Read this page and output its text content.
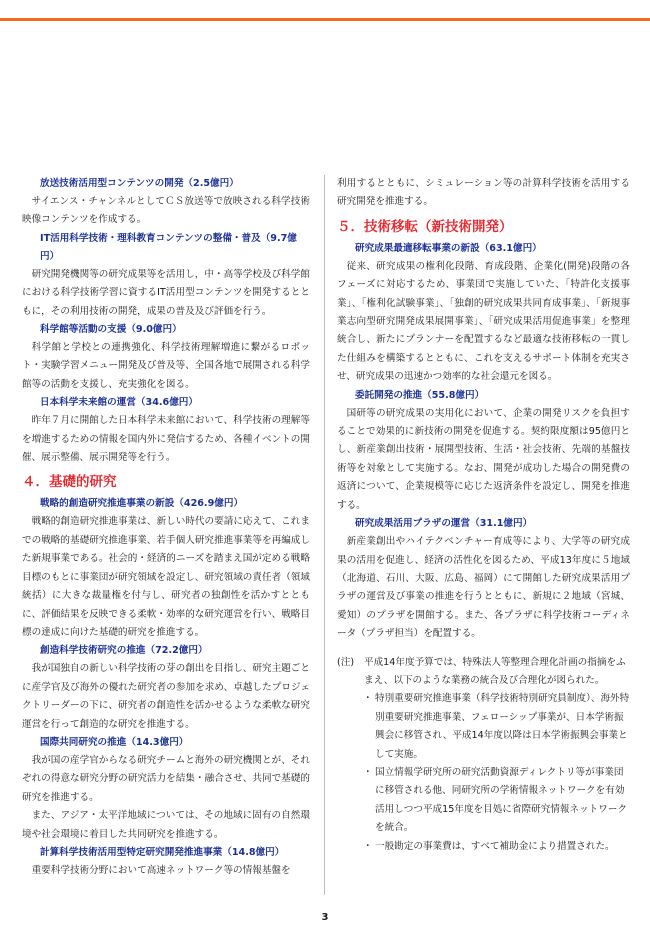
放送技術活用型コンテンツの開発（2.5億円）

サイエンス・チャンネルとしてＣＳ放送等で放映される科学技術映像コンテンツを作成する。

IT活用科学技術・理科教育コンテンツの整備・普及（9.7億円）

研究開発機関等の研究成果等を活用し，中・高等学校及び科学館における科学技術学習に資するIT活用型コンテンツを開発するとともに，その利用技術の開発，成果の普及及び評価を行う。

科学館等活動の支援（9.0億円）

科学館と学校との連携強化、科学技術理解増進に繋がるロボット・実験学習メニュー開発及び普及等、全国各地で展開される科学館等の活動を支援し、充実強化を図る。

日本科学未来館の運営（34.6億円）

昨年７月に開館した日本科学未来館において、科学技術の理解等を増進するための情報を国内外に発信するため、各種イベントの開催、展示整備、展示開発等を行う。

４．基礎的研究
戦略的創造研究推進事業の新設（426.9億円）

戦略的創造研究推進事業は、新しい時代の要請に応えて、これまでの戦略的基礎研究推進事業、若手個人研究推進事業等を再編成した新規事業である。社会的・経済的ニーズを踏まえ国が定める戦略目標のもとに事業団が研究領域を設定し、研究領域の責任者（領域統括）に大きな裁量権を付与し、研究者の独創性を活かすとともに、評価結果を反映できる柔軟・効率的な研究運営を行い、戦略目標の達成に向けた基礎的研究を推進する。

創造科学技術研究の推進（72.2億円）

我が国独自の新しい科学技術の芽の創出を目指し、研究主題ごとに産学官及び海外の優れた研究者の参加を求め、卓越したプロジェクトリーダーの下に、研究者の創造性を活かせるような柔軟な研究運営を行って創造的な研究を推進する。

国際共同研究の推進（14.3億円）

我が国の産学官からなる研究チームと海外の研究機関とが、それぞれの得意な研究分野の研究活力を結集・融合させ、共同で基礎的研究を推進する。

また、アジア・太平洋地域については、その地域に固有の自然環境や社会環境に着目した共同研究を推進する。

計算科学技術活用型特定研究開発推進事業（14.8億円）

重要科学技術分野において高速ネットワーク等の情報基盤を

利用するとともに、シミュレーション等の計算科学技術を活用する研究開発を推進する。

５．技術移転（新技術開発）
研究成果最適移転事業の新設（63.1億円）

従来、研究成果の権利化段階、育成段階、企業化(開発)段階の各フェーズに対応するため、事業団で実施していた、「特許化支援事業」、「権利化試験事業」、「独創的研究成果共同育成事業」、「新規事業志向型研究開発成果展開事業」、「研究成果活用促進事業」を整理統合し、新たにプランナーを配置するなど最適な技術移転の一貫した仕組みを構築するとともに、これを支えるサポート体制を充実させ、研究成果の迅速かつ効率的な社会還元を図る。

委託開発の推進（55.8億円）

国研等の研究成果の実用化において、企業の開発リスクを負担することで効果的に新技術の開発を促進する。契約限度額は95億円とし、新産業創出技術・展開型技術、生活・社会技術、先端的基盤技術等を対象として実施する。なお、開発が成功した場合の開発費の返済について、企業規模等に応じた返済条件を設定し、開発を推進する。

研究成果活用プラザの運営（31.1億円）

新産業創出やハイテクベンチャー育成等により、大学等の研究成果の活用を促進し、経済の活性化を図るため、平成13年度に５地域（北海道、石川、大阪、広島、福岡）にて開館した研究成果活用プラザの運営及び事業の推進を行うとともに、新規に２地域（宮城、愛知）のプラザを開館する。また、各プラザに科学技術コーディネータ（プラザ担当）を配置する。

(注)	平成14年度予算では、特殊法人等整理合理化計画の指摘をふまえ、以下のような業務の統合及び合理化が図られた。
・ 特別重要研究推進事業（科学技術特別研究員制度）、海外特別重要研究推進事業、フェローシップ事業が、日本学術振興会に移管され、平成14年度以降は日本学術振興会事業として実施。
・ 国立情報学研究所の研究活動資源ディレクトリ等が事業団に移管される他、同研究所の学術情報ネットワークを有効活用しつつ平成15年度を目処に省際研究情報ネットワークを統合。
・ 一般勘定の事業費は、すべて補助金により措置された。
3
